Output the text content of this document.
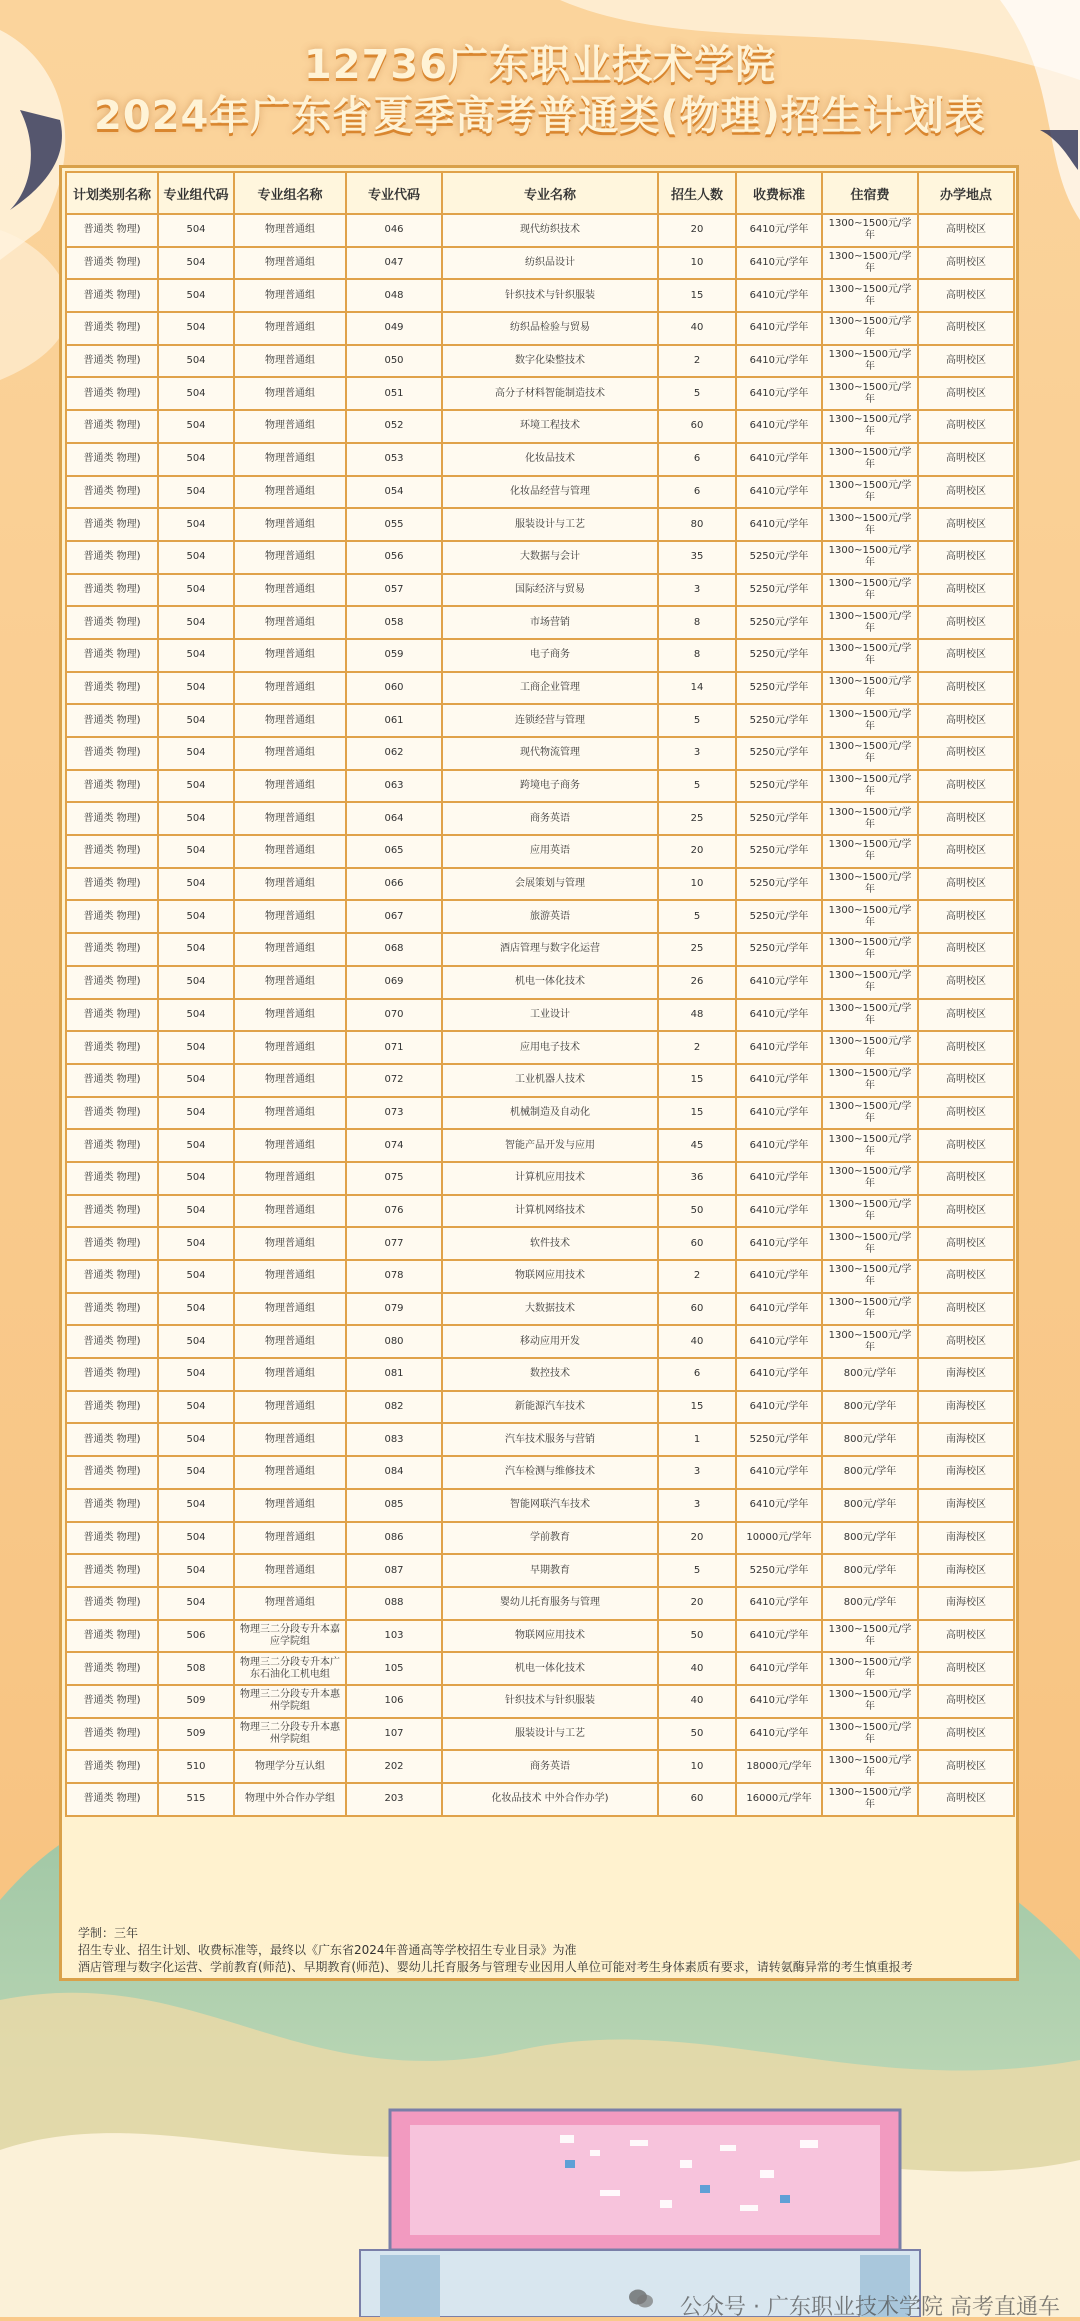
12736广东职业技术学院
2024年广东省夏季高考普通类(物理)招生计划表
计划类别名称	专业组代码	专业组名称	专业代码	专业名称	招生人数	收费标准	住宿费	办学地点
普通类 物理)	504	物理普通组	046	现代纺织技术	20	6410元/学年	1300~1500元/学年	高明校区
普通类 物理)	504	物理普通组	047	纺织品设计	10	6410元/学年	1300~1500元/学年	高明校区
普通类 物理)	504	物理普通组	048	针织技术与针织服装	15	6410元/学年	1300~1500元/学年	高明校区
普通类 物理)	504	物理普通组	049	纺织品检验与贸易	40	6410元/学年	1300~1500元/学年	高明校区
普通类 物理)	504	物理普通组	050	数字化染整技术	2	6410元/学年	1300~1500元/学年	高明校区
普通类 物理)	504	物理普通组	051	高分子材料智能制造技术	5	6410元/学年	1300~1500元/学年	高明校区
普通类 物理)	504	物理普通组	052	环境工程技术	60	6410元/学年	1300~1500元/学年	高明校区
普通类 物理)	504	物理普通组	053	化妆品技术	6	6410元/学年	1300~1500元/学年	高明校区
普通类 物理)	504	物理普通组	054	化妆品经营与管理	6	6410元/学年	1300~1500元/学年	高明校区
普通类 物理)	504	物理普通组	055	服装设计与工艺	80	6410元/学年	1300~1500元/学年	高明校区
普通类 物理)	504	物理普通组	056	大数据与会计	35	5250元/学年	1300~1500元/学年	高明校区
普通类 物理)	504	物理普通组	057	国际经济与贸易	3	5250元/学年	1300~1500元/学年	高明校区
普通类 物理)	504	物理普通组	058	市场营销	8	5250元/学年	1300~1500元/学年	高明校区
普通类 物理)	504	物理普通组	059	电子商务	8	5250元/学年	1300~1500元/学年	高明校区
普通类 物理)	504	物理普通组	060	工商企业管理	14	5250元/学年	1300~1500元/学年	高明校区
普通类 物理)	504	物理普通组	061	连锁经营与管理	5	5250元/学年	1300~1500元/学年	高明校区
普通类 物理)	504	物理普通组	062	现代物流管理	3	5250元/学年	1300~1500元/学年	高明校区
普通类 物理)	504	物理普通组	063	跨境电子商务	5	5250元/学年	1300~1500元/学年	高明校区
普通类 物理)	504	物理普通组	064	商务英语	25	5250元/学年	1300~1500元/学年	高明校区
普通类 物理)	504	物理普通组	065	应用英语	20	5250元/学年	1300~1500元/学年	高明校区
普通类 物理)	504	物理普通组	066	会展策划与管理	10	5250元/学年	1300~1500元/学年	高明校区
普通类 物理)	504	物理普通组	067	旅游英语	5	5250元/学年	1300~1500元/学年	高明校区
普通类 物理)	504	物理普通组	068	酒店管理与数字化运营	25	5250元/学年	1300~1500元/学年	高明校区
普通类 物理)	504	物理普通组	069	机电一体化技术	26	6410元/学年	1300~1500元/学年	高明校区
普通类 物理)	504	物理普通组	070	工业设计	48	6410元/学年	1300~1500元/学年	高明校区
普通类 物理)	504	物理普通组	071	应用电子技术	2	6410元/学年	1300~1500元/学年	高明校区
普通类 物理)	504	物理普通组	072	工业机器人技术	15	6410元/学年	1300~1500元/学年	高明校区
普通类 物理)	504	物理普通组	073	机械制造及自动化	15	6410元/学年	1300~1500元/学年	高明校区
普通类 物理)	504	物理普通组	074	智能产品开发与应用	45	6410元/学年	1300~1500元/学年	高明校区
普通类 物理)	504	物理普通组	075	计算机应用技术	36	6410元/学年	1300~1500元/学年	高明校区
普通类 物理)	504	物理普通组	076	计算机网络技术	50	6410元/学年	1300~1500元/学年	高明校区
普通类 物理)	504	物理普通组	077	软件技术	60	6410元/学年	1300~1500元/学年	高明校区
普通类 物理)	504	物理普通组	078	物联网应用技术	2	6410元/学年	1300~1500元/学年	高明校区
普通类 物理)	504	物理普通组	079	大数据技术	60	6410元/学年	1300~1500元/学年	高明校区
普通类 物理)	504	物理普通组	080	移动应用开发	40	6410元/学年	1300~1500元/学年	高明校区
普通类 物理)	504	物理普通组	081	数控技术	6	6410元/学年	800元/学年	南海校区
普通类 物理)	504	物理普通组	082	新能源汽车技术	15	6410元/学年	800元/学年	南海校区
普通类 物理)	504	物理普通组	083	汽车技术服务与营销	1	5250元/学年	800元/学年	南海校区
普通类 物理)	504	物理普通组	084	汽车检测与维修技术	3	6410元/学年	800元/学年	南海校区
普通类 物理)	504	物理普通组	085	智能网联汽车技术	3	6410元/学年	800元/学年	南海校区
普通类 物理)	504	物理普通组	086	学前教育	20	10000元/学年	800元/学年	南海校区
普通类 物理)	504	物理普通组	087	早期教育	5	5250元/学年	800元/学年	南海校区
普通类 物理)	504	物理普通组	088	婴幼儿托育服务与管理	20	6410元/学年	800元/学年	南海校区
普通类 物理)	506	物理三二分段专升本嘉应学院组	103	物联网应用技术	50	6410元/学年	1300~1500元/学年	高明校区
普通类 物理)	508	物理三二分段专升本广东石油化工机电组	105	机电一体化技术	40	6410元/学年	1300~1500元/学年	高明校区
普通类 物理)	509	物理三二分段专升本惠州学院组	106	针织技术与针织服装	40	6410元/学年	1300~1500元/学年	高明校区
普通类 物理)	509	物理三二分段专升本惠州学院组	107	服装设计与工艺	50	6410元/学年	1300~1500元/学年	高明校区
普通类 物理)	510	物理学分互认组	202	商务英语	10	18000元/学年	1300~1500元/学年	高明校区
普通类 物理)	515	物理中外合作办学组	203	化妆品技术 中外合作办学)	60	16000元/学年	1300~1500元/学年	高明校区
学制：三年
招生专业、招生计划、收费标准等，最终以《广东省2024年普通高等学校招生专业目录》为准
酒店管理与数字化运营、学前教育(师范)、早期教育(师范)、婴幼儿托育服务与管理专业因用人单位可能对考生身体素质有要求，请转氨酶异常的考生慎重报考
公众号 · 广东职业技术学院 高考直通车
